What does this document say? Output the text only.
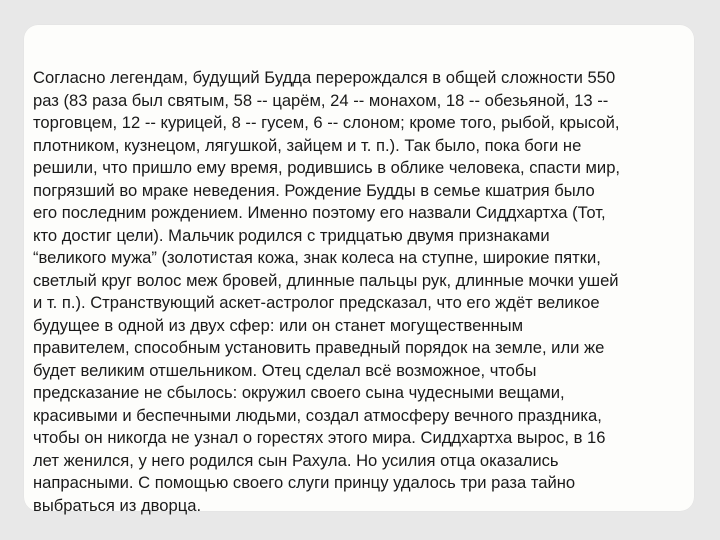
Согласно легендам, будущий Будда перерождался в общей сложности 550
раз (83 раза был святым, 58 -- царём, 24 -- монахом, 18 -- обезьяной, 13 --
торговцем, 12 -- курицей, 8 -- гусем, 6 -- слоном; кроме того, рыбой, крысой,
плотником, кузнецом, лягушкой, зайцем и т. п.). Так было, пока боги не
решили, что пришло ему время, родившись в облике человека, спасти мир,
погрязший во мраке неведения. Рождение Будды в семье кшатрия было
его последним рождением. Именно поэтому его назвали Сиддхартха (Тот,
кто достиг цели). Мальчик родился с тридцатью двумя признаками
“великого мужа” (золотистая кожа, знак колеса на ступне, широкие пятки,
светлый круг волос меж бровей, длинные пальцы рук, длинные мочки ушей
и т. п.). Странствующий аскет-астролог предсказал, что его ждёт великое
будущее в одной из двух сфер: или он станет могущественным
правителем, способным установить праведный порядок на земле, или же
будет великим отшельником. Отец сделал всё возможное, чтобы
предсказание не сбылось: окружил своего сына чудесными вещами,
красивыми и беспечными людьми, создал атмосферу вечного праздника,
чтобы он никогда не узнал о горестях этого мира. Сиддхартха вырос, в 16
лет женился, у него родился сын Рахула. Но усилия отца оказались
напрасными. С помощью своего слуги принцу удалось три раза тайно
выбраться из дворца.
